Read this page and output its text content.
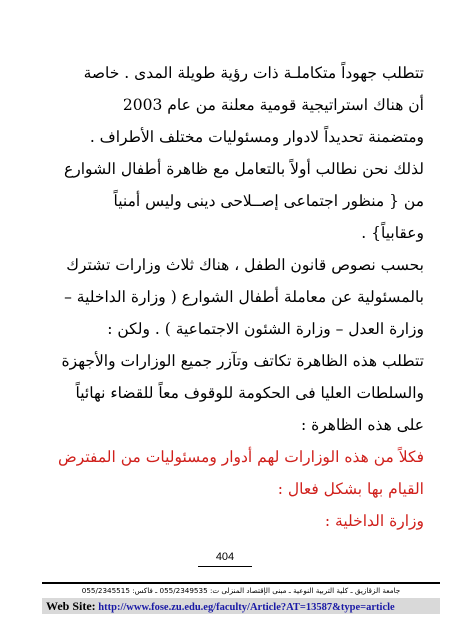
تتطلب جهوداً متكاملـة ذات رؤية طويلة المدى . خاصة
أن هناك استراتيجية قومية معلنة من عام 2003
ومتضمنة تحديداً لادوار ومسئوليات مختلف الأطراف .
لذلك نحن نطالب أولاً بالتعامل مع ظاهرة أطفال الشوارع
من { منظور اجتماعى إصــلاحى دينى وليس أمنياً
وعقابياً} .
بحسب نصوص قانون الطفل ، هناك ثلاث وزارات تشترك
بالمسئولية عن معاملة أطفال الشوارع ( وزارة الداخلية –
وزارة العدل – وزارة الشئون الاجتماعية ) . ولكن :
تتطلب هذه الظاهرة تكاتف وتآزر جميع الوزارات والأجهزة
والسلطات العليا فى الحكومة للوقوف معاً للقضاء نهائياً
على هذه الظاهرة :
فكلاً من هذه الوزارات لهم أدوار ومسئوليات من المفترض
القيام بها بشكل فعال :
وزارة الداخلية :
404
جامعة الزقازيق ـ كلية التربية النوعية ـ مبنى الإقتصاد المنزلى ت: 055/2349535 ـ فاكس: 055/2345515
Web Site: http://www.fose.zu.edu.eg/faculty/Article?AT=13587&type=article
